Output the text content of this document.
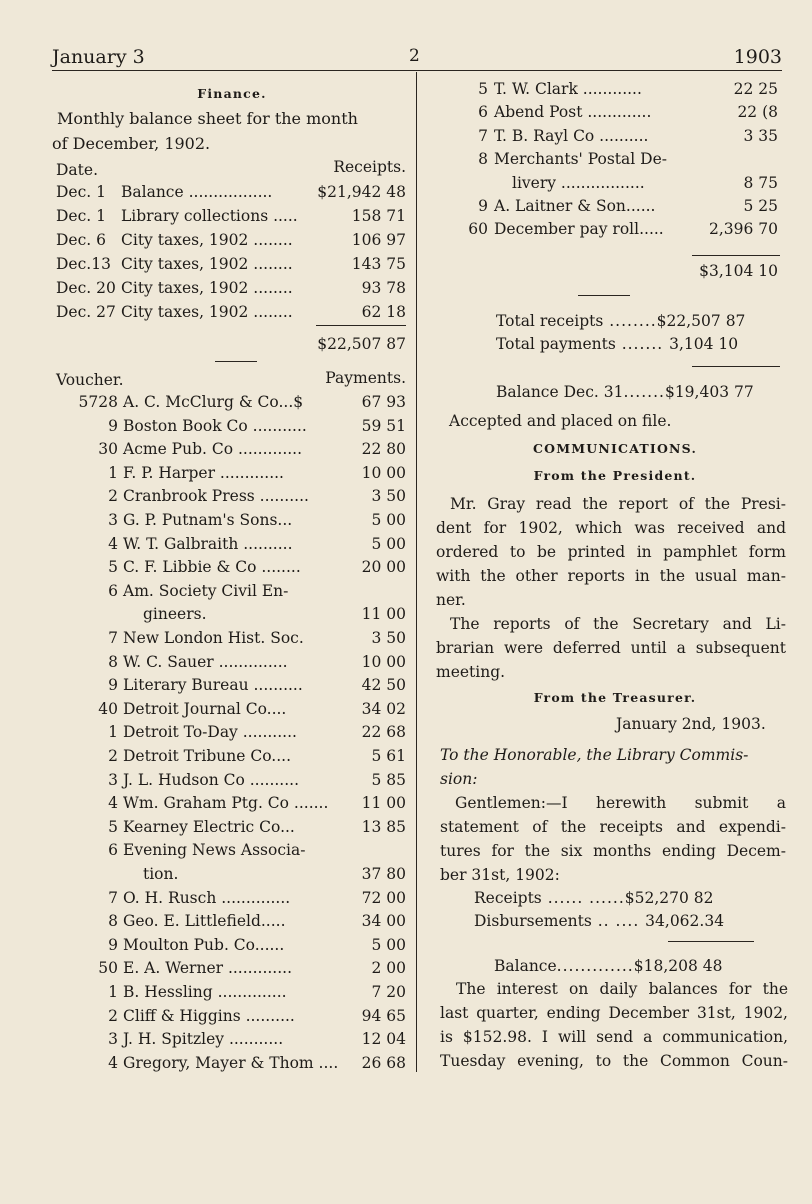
January 3	2	1903
Finance.
Monthly balance sheet for the month
of December, 1902.
Date.	Receipts.
Dec. 1 Balance .................	$21,942 48
Dec. 1 Library collections .....	158 71
Dec. 6 City taxes, 1902 ........	106 97
Dec.13 City taxes, 1902 ........	143 75
Dec. 20 City taxes, 1902 ........	93 78
Dec. 27 City taxes, 1902 ........	62 18
$22,507 87
Voucher.	Payments.
5728 A. C. McClurg & Co...$	67 93
9 Boston Book Co ...........	59 51
30 Acme Pub. Co .............	22 80
1 F. P. Harper .............	10 00
2 Cranbrook Press ..........	3 50
3 G. P. Putnam's Sons...	5 00
4 W. T. Galbraith ..........	5 00
5 C. F. Libbie & Co ........	20 00
6 Am. Society Civil En-
gineers.	11 00
7 New London Hist. Soc.	3 50
8 W. C. Sauer ..............	10 00
9 Literary Bureau ..........	42 50
40 Detroit Journal Co....	34 02
1 Detroit To-Day ...........	22 68
2 Detroit Tribune Co....	5 61
3 J. L. Hudson Co ..........	5 85
4 Wm. Graham Ptg. Co ....... 11 00
5 Kearney Electric Co...	13 85
6 Evening News Associa-
tion.	37 80
7 O. H. Rusch ..............	72 00
8 Geo. E. Littlefield.....	34 00
9 Moulton Pub. Co......	5 00
50 E. A. Werner .............	2 00
1 B. Hessling ..............	7 20
2 Cliff & Higgins ..........	94 65
3 J. H. Spitzley ...........	12 04
4 Gregory, Mayer & Thom .... 26 68
5 T. W. Clark ............	22 25
6 Abend Post .............	22 (8
7 T. B. Rayl Co ..........	3 35
8 Merchants' Postal De-
livery .................	8 75
9 A. Laitner & Son......	5 25
60 December pay roll.....	2,396 70
$3,104 10
Total receipts ........$22,507 87
Total payments ....... 3,104 10
Balance Dec. 31.......$19,403 77
Accepted and placed on file.
COMMUNICATIONS.
From the President.
Mr. Gray read the report of the Presi-
dent for 1902, which was received and
ordered to be printed in pamphlet form
with the other reports in the usual man-
ner.
The reports of the Secretary and Li-
brarian were deferred until a subsequent
meeting.
From the Treasurer.
January 2nd, 1903.
To the Honorable, the Library Commis-
sion:
Gentlemen:—I herewith submit a
statement of the receipts and expendi-
tures for the six months ending Decem-
ber 31st, 1902:
Receipts ...... ......$52,270 82
Disbursements .. .... 34,062.34
Balance.............$18,208 48
The interest on daily balances for the
last quarter, ending December 31st, 1902,
is $152.98. I will send a communication,
Tuesday evening, to the Common Coun-
